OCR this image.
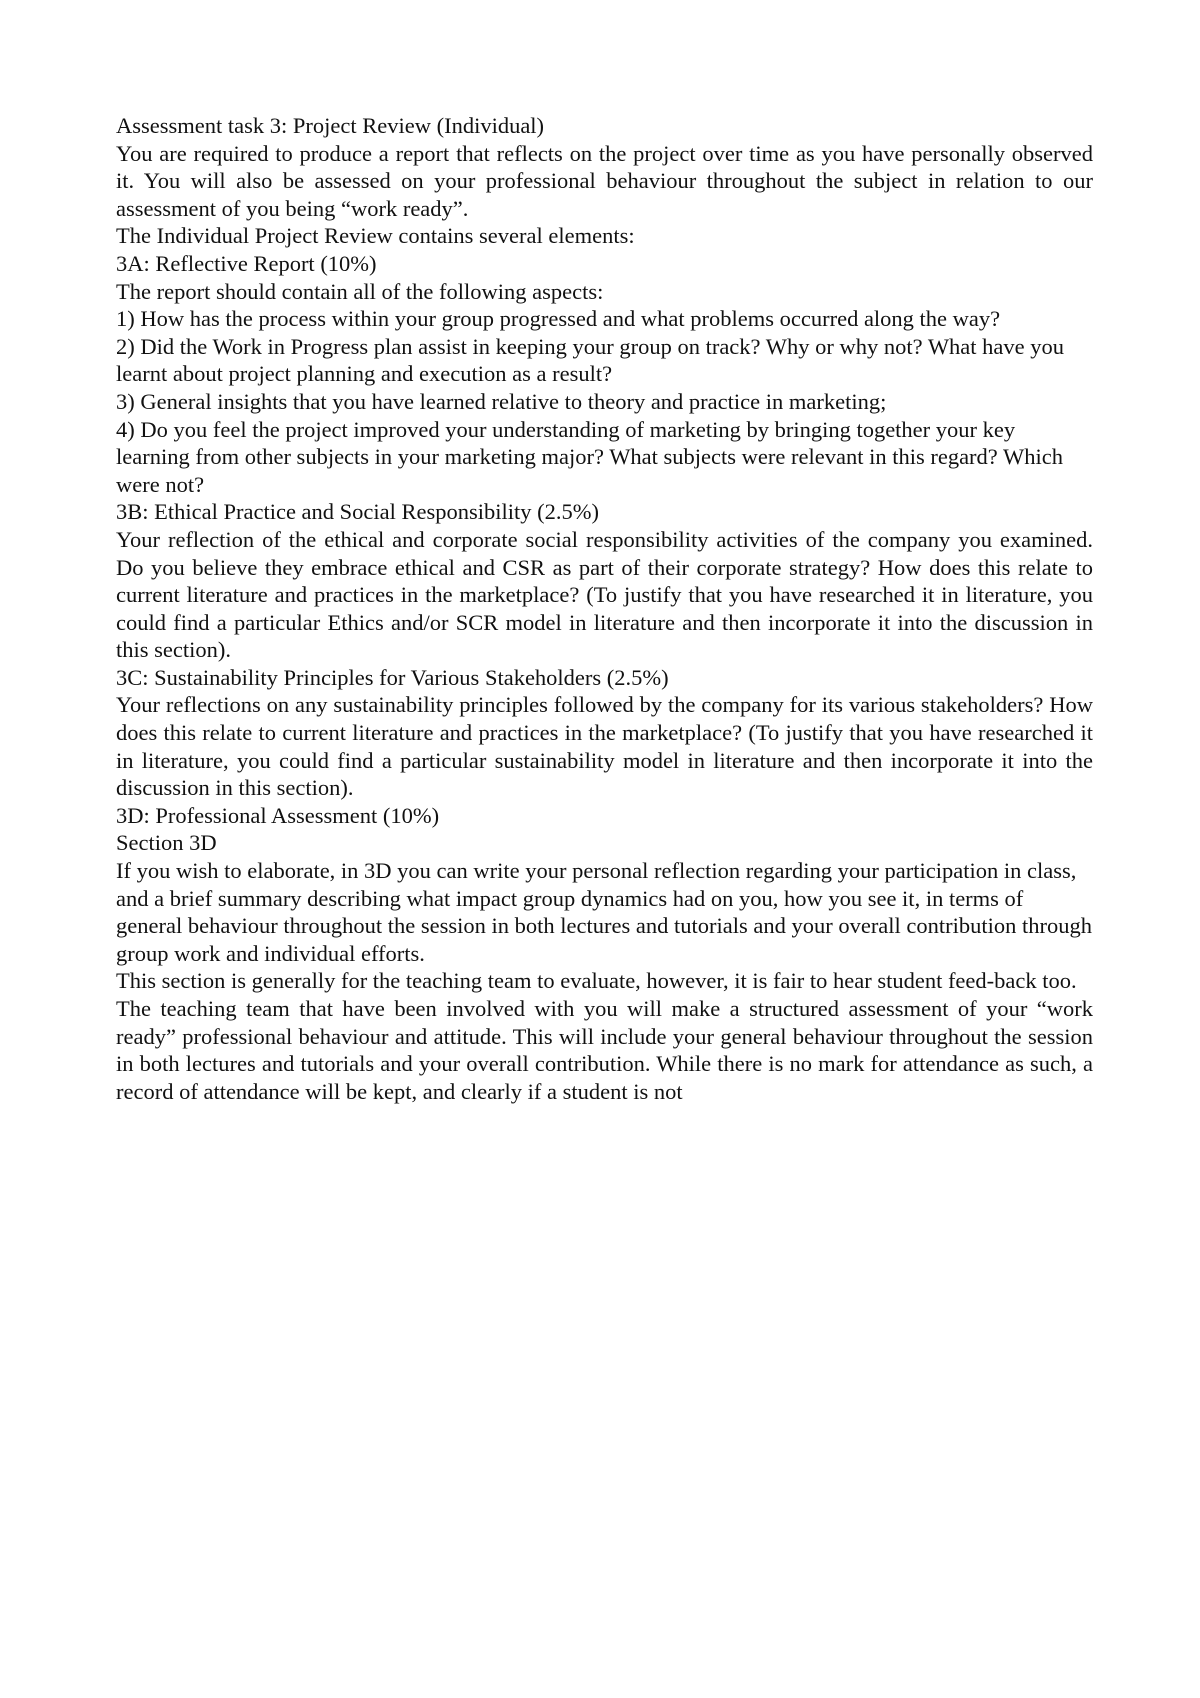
Assessment task 3: Project Review (Individual)

You are required to produce a report that reflects on the project over time as you have personally observed it. You will also be assessed on your professional behaviour throughout the subject in relation to our assessment of you being “work ready”.

The Individual Project Review contains several elements:

3A: Reflective Report (10%)

The report should contain all of the following aspects:

1) How has the process within your group progressed and what problems occurred along the way?

2) Did the Work in Progress plan assist in keeping your group on track? Why or why not? What have you learnt about project planning and execution as a result?

3) General insights that you have learned relative to theory and practice in marketing;

4) Do you feel the project improved your understanding of marketing by bringing together your key learning from other subjects in your marketing major? What subjects were relevant in this regard? Which were not?

3B: Ethical Practice and Social Responsibility (2.5%)

Your reflection of the ethical and corporate social responsibility activities of the company you examined. Do you believe they embrace ethical and CSR as part of their corporate strategy? How does this relate to current literature and practices in the marketplace? (To justify that you have researched it in literature, you could find a particular Ethics and/or SCR model in literature and then incorporate it into the discussion in this section).

3C: Sustainability Principles for Various Stakeholders (2.5%)

Your reflections on any sustainability principles followed by the company for its various stakeholders? How does this relate to current literature and practices in the marketplace? (To justify that you have researched it in literature, you could find a particular sustainability model in literature and then incorporate it into the discussion in this section).

3D: Professional Assessment (10%)

Section 3D

If you wish to elaborate, in 3D you can write your personal reflection regarding your participation in class, and a brief summary describing what impact group dynamics had on you, how you see it, in terms of general behaviour throughout the session in both lectures and tutorials and your overall contribution through group work and individual efforts.

This section is generally for the teaching team to evaluate, however, it is fair to hear student feed-back too.

The teaching team that have been involved with you will make a structured assessment of your “work ready” professional behaviour and attitude. This will include your general behaviour throughout the session in both lectures and tutorials and your overall contribution. While there is no mark for attendance as such, a record of attendance will be kept, and clearly if a student is not
